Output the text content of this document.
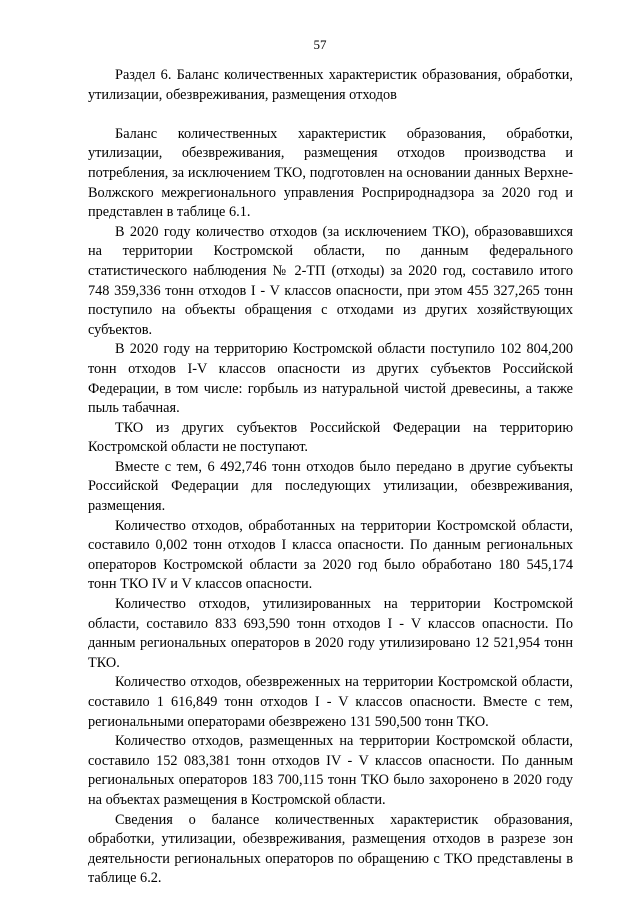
57

Раздел 6. Баланс количественных характеристик образования, обработки, утилизации, обезвреживания, размещения отходов

Баланс количественных характеристик образования, обработки, утилизации, обезвреживания, размещения отходов производства и потребления, за исключением ТКО, подготовлен на основании данных Верхне-Волжского межрегионального управления Росприроднадзора за 2020 год и представлен в таблице 6.1.

В 2020 году количество отходов (за исключением ТКО), образовавшихся на территории Костромской области, по данным федерального статистического наблюдения № 2-ТП (отходы) за 2020 год, составило итого 748 359,336 тонн отходов I - V классов опасности, при этом 455 327,265 тонн поступило на объекты обращения с отходами из других хозяйствующих субъектов.

В 2020 году на территорию Костромской области поступило 102 804,200 тонн отходов I-V классов опасности из других субъектов Российской Федерации, в том числе: горбыль из натуральной чистой древесины, а также пыль табачная.

ТКО из других субъектов Российской Федерации на территорию Костромской области не поступают.

Вместе с тем, 6 492,746 тонн отходов было передано в другие субъекты Российской Федерации для последующих утилизации, обезвреживания, размещения.

Количество отходов, обработанных на территории Костромской области, составило 0,002 тонн отходов I класса опасности. По данным региональных операторов Костромской области за 2020 год было обработано 180 545,174 тонн ТКО IV и V классов опасности.

Количество отходов, утилизированных на территории Костромской области, составило 833 693,590 тонн отходов I - V классов опасности. По данным региональных операторов в 2020 году утилизировано 12 521,954 тонн ТКО.

Количество отходов, обезвреженных на территории Костромской области, составило 1 616,849 тонн отходов I - V классов опасности. Вместе с тем, региональными операторами обезврежено 131 590,500 тонн ТКО.

Количество отходов, размещенных на территории Костромской области, составило 152 083,381 тонн отходов IV - V классов опасности. По данным региональных операторов 183 700,115 тонн ТКО было захоронено в 2020 году на объектах размещения в Костромской области.

Сведения о балансе количественных характеристик образования, обработки, утилизации, обезвреживания, размещения отходов в разрезе зон деятельности региональных операторов по обращению с ТКО представлены в таблице 6.2.
